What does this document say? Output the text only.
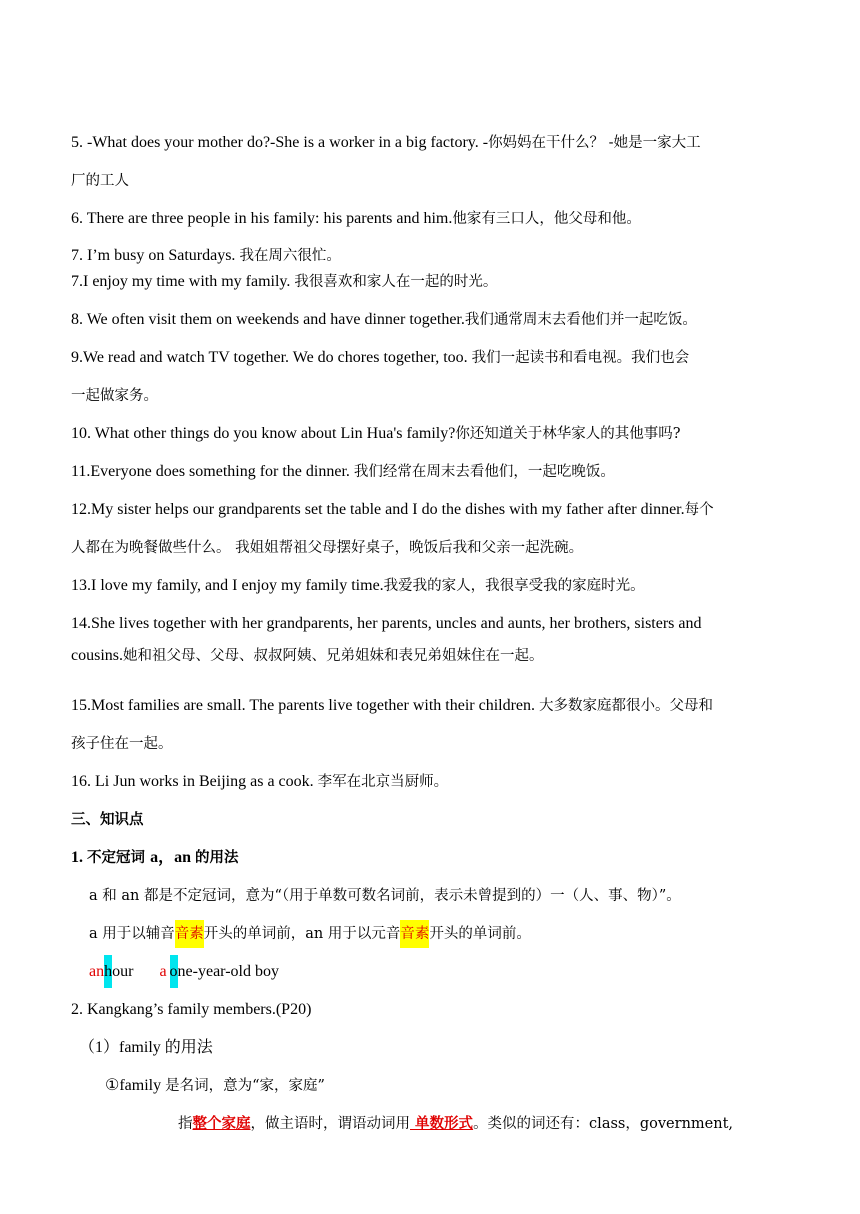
5. -What does your mother do?-She is a worker in a big factory. -你妈妈在干什么？ -她是一家大工
厂的工人
6. There are three people in his family: his parents and him.他家有三口人，他父母和他。
7. I’m busy on Saturdays. 我在周六很忙。
7.I enjoy my time with my family. 我很喜欢和家人在一起的时光。
8. We often visit them on weekends and have dinner together.我们通常周末去看他们并一起吃饭。
9.We read and watch TV together. We do chores together, too. 我们一起读书和看电视。我们也会
一起做家务。
10. What other things do you know about Lin Hua's family?你还知道关于林华家人的其他事吗?
11.Everyone does something for the dinner. 我们经常在周末去看他们，一起吃晚饭。
12.My sister helps our grandparents set the table and I do the dishes with my father after dinner.每个
人都在为晚餐做些什么。 我姐姐帮祖父母摆好桌子，晚饭后我和父亲一起洗碗。
13.I love my family, and I enjoy my family time.我爱我的家人，我很享受我的家庭时光。
14.She lives together with her grandparents, her parents, uncles and aunts, her brothers, sisters and
cousins.她和祖父母、父母、叔叔阿姨、兄弟姐妹和表兄弟姐妹住在一起。
15.Most families are small. The parents live together with their children. 大多数家庭都很小。父母和
孩子住在一起。
16. Li Jun works in Beijing as a cook. 李军在北京当厨师。
三、知识点
1. 不定冠词 a，an 的用法
a 和 an 都是不定冠词，意为“（用于单数可数名词前，表示未曾提到的）一（人、事、物）”。
a 用于以辅音音素开头的单词前，an 用于以元音音素开头的单词前。
anhour a one-year-old boy
2. Kangkang’s family members.(P20)
（1）family 的用法
①family 是名词，意为“家，家庭”
指整个家庭，做主语时，谓语动词用 单数形式。类似的词还有：class，government,
